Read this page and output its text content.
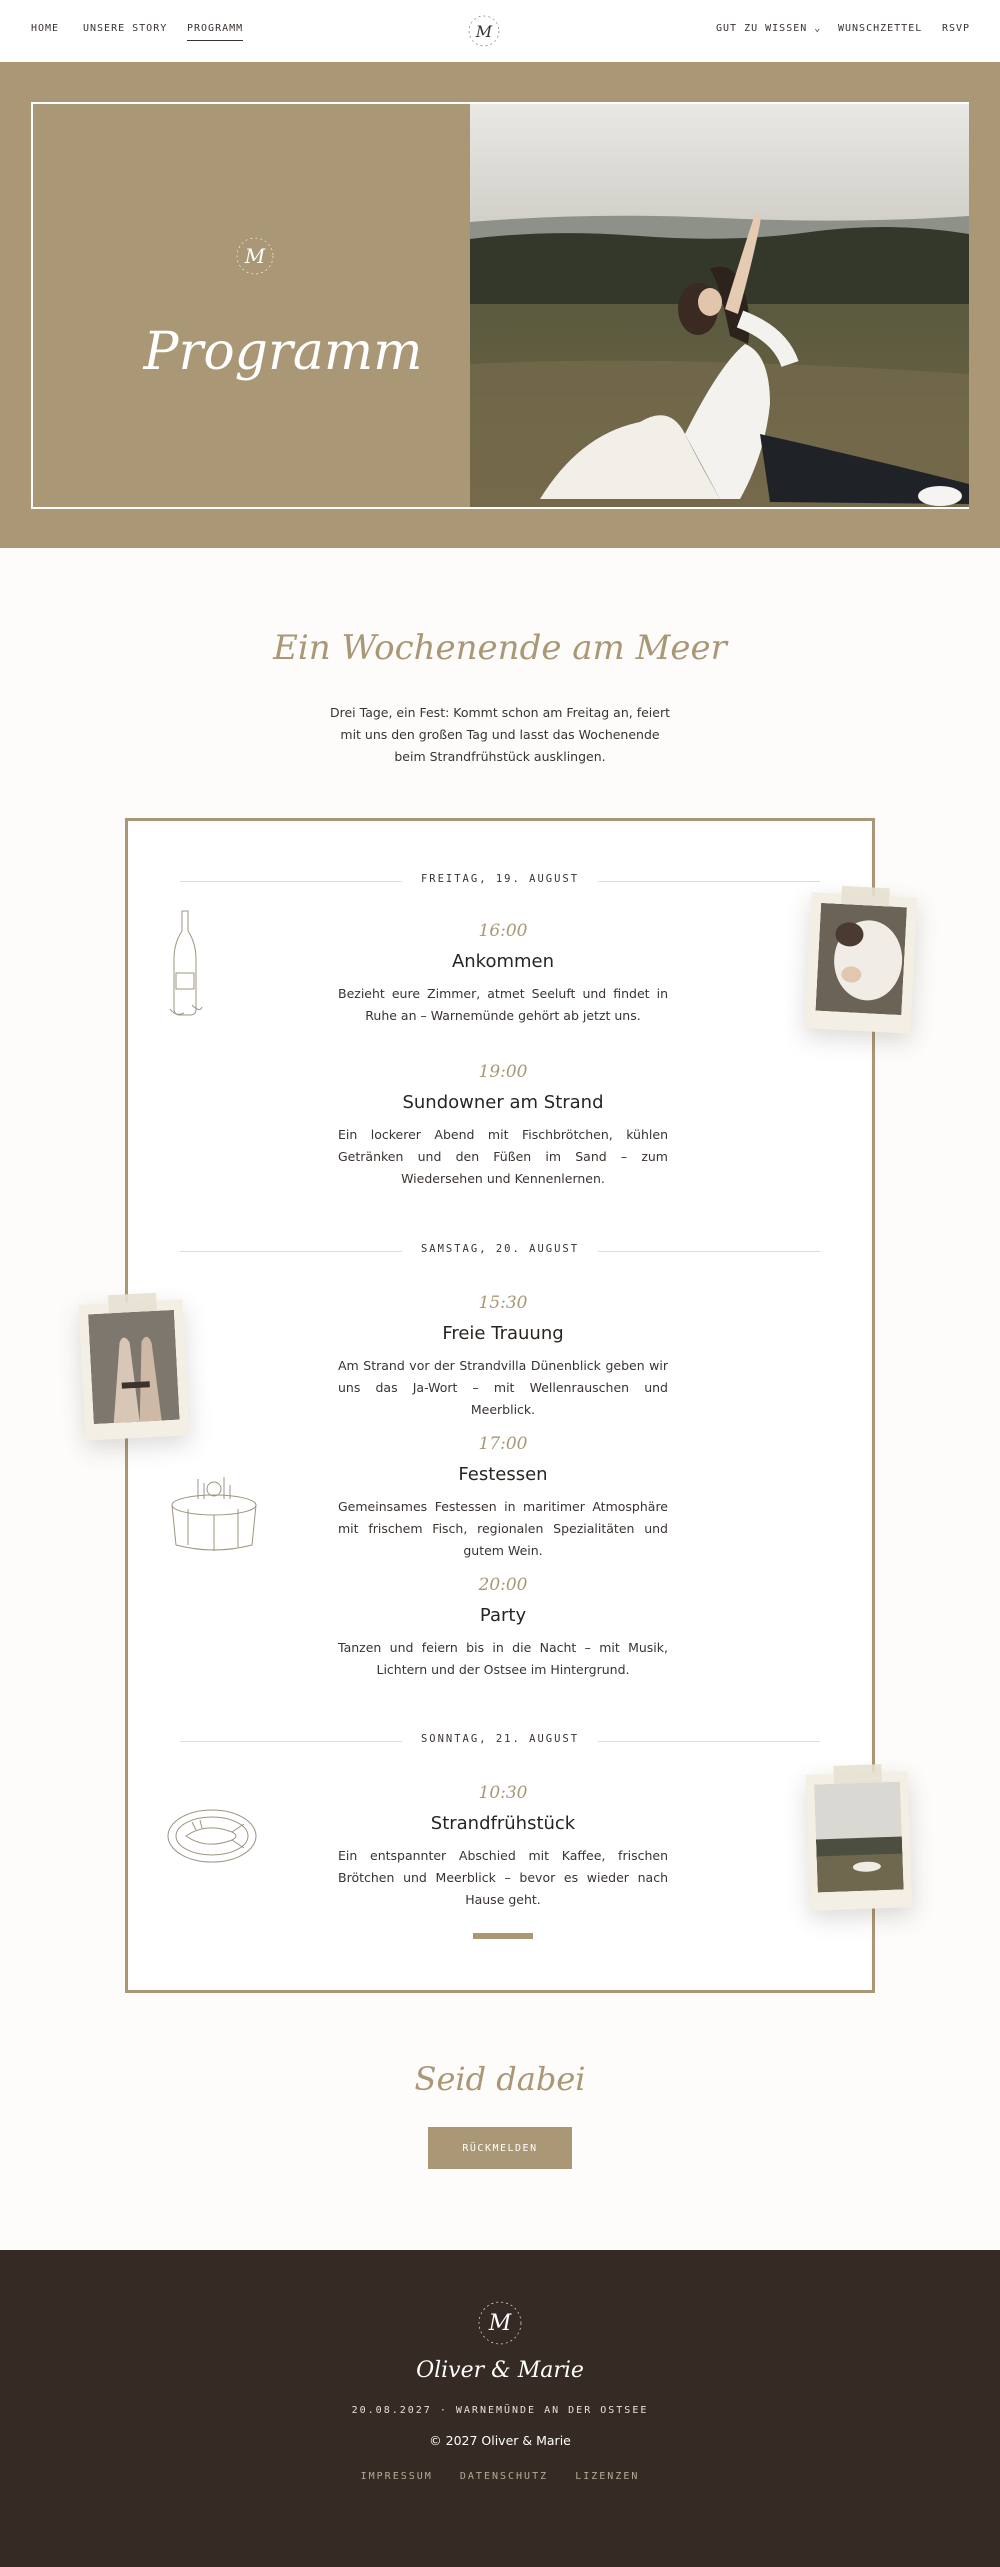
HOME UNSERE STORY PROGRAMM	M	GUT ZU WISSEN ⌄ WUNSCHZETTEL RSVP
M
Programm
Ein Wochenende am Meer
Drei Tage, ein Fest: Kommt schon am Freitag an, feiert mit uns den großen Tag und lasst das Wochenende beim Strandfrühstück ausklingen.
FREITAG, 19. AUGUST
16:00
Ankommen
Bezieht eure Zimmer, atmet Seeluft und findet in Ruhe an – Warnemünde gehört ab jetzt uns.
19:00
Sundowner am Strand
Ein lockerer Abend mit Fischbrötchen, kühlen Getränken und den Füßen im Sand – zum Wiedersehen und Kennenlernen.
SAMSTAG, 20. AUGUST
15:30
Freie Trauung
Am Strand vor der Strandvilla Dünenblick geben wir uns das Ja-Wort – mit Wellenrauschen und Meerblick.
17:00
Festessen
Gemeinsames Festessen in maritimer Atmosphäre mit frischem Fisch, regionalen Spezialitäten und gutem Wein.
20:00
Party
Tanzen und feiern bis in die Nacht – mit Musik, Lichtern und der Ostsee im Hintergrund.
SONNTAG, 21. AUGUST
10:30
Strandfrühstück
Ein entspannter Abschied mit Kaffee, frischen Brötchen und Meerblick – bevor es wieder nach Hause geht.
Seid dabei
RÜCKMELDEN
M
Oliver & Marie
20.08.2027 · WARNEMÜNDE AN DER OSTSEE
© 2027 Oliver & Marie
IMPRESSUM	DATENSCHUTZ	LIZENZEN
